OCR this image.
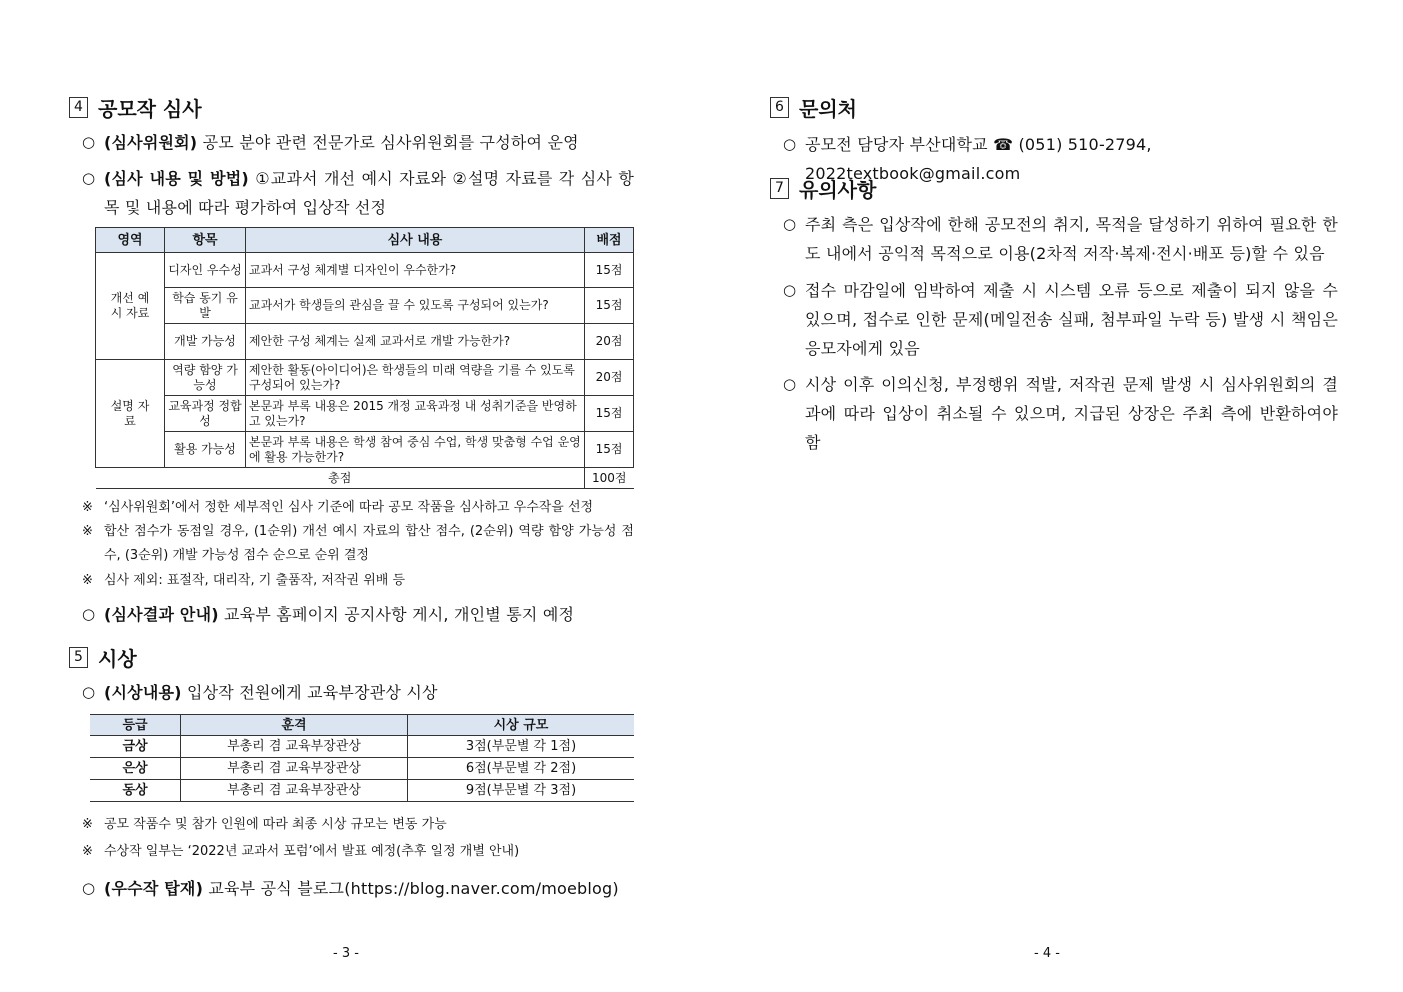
4 공모작 심사
○ (심사위원회) 공모 분야 관련 전문가로 심사위원회를 구성하여 운영
○ (심사 내용 및 방법) ①교과서 개선 예시 자료와 ②설명 자료를 각 심사 항목 및 내용에 따라 평가하여 입상작 선정
영역	항목	심사 내용	배점
개선 예시 자료	디자인 우수성	교과서 구성 체계별 디자인이 우수한가?	15점
	학습 동기 유발	교과서가 학생들의 관심을 끌 수 있도록 구성되어 있는가?	15점
	개발 가능성	제안한 구성 체계는 실제 교과서로 개발 가능한가?	20점
설명 자료	역량 함양 가능성	제안한 활동(아이디어)은 학생들의 미래 역량을 기를 수 있도록 구성되어 있는가?	20점
	교육과정 정합성	본문과 부록 내용은 2015 개정 교육과정 내 성취기준을 반영하고 있는가?	15점
	활용 가능성	본문과 부록 내용은 학생 참여 중심 수업, 학생 맞춤형 수업 운영에 활용 가능한가?	15점
총점			100점
※ ‘심사위원회’에서 정한 세부적인 심사 기준에 따라 공모 작품을 심사하고 우수작을 선정
※ 합산 점수가 동점일 경우, (1순위) 개선 예시 자료의 합산 점수, (2순위) 역량 함양 가능성 점수, (3순위) 개발 가능성 점수 순으로 순위 결정
※ 심사 제외: 표절작, 대리작, 기 출품작, 저작권 위배 등
○ (심사결과 안내) 교육부 홈페이지 공지사항 게시, 개인별 통지 예정
5 시상
○ (시상내용) 입상작 전원에게 교육부장관상 시상
등급	훈격	시상 규모
금상	부총리 겸 교육부장관상	3점(부문별 각 1점)
은상	부총리 겸 교육부장관상	6점(부문별 각 2점)
동상	부총리 겸 교육부장관상	9점(부문별 각 3점)
※ 공모 작품수 및 참가 인원에 따라 최종 시상 규모는 변동 가능
※ 수상작 일부는 ‘2022년 교과서 포럼’에서 발표 예정(추후 일정 개별 안내)
○ (우수작 탑재) 교육부 공식 블로그(https://blog.naver.com/moeblog)
- 3 -
6 문의처
○ 공모전 담당자 부산대학교 ☎ (051) 510-2794, 2022textbook@gmail.com
7 유의사항
○ 주최 측은 입상작에 한해 공모전의 취지, 목적을 달성하기 위하여 필요한 한도 내에서 공익적 목적으로 이용(2차적 저작·복제·전시·배포 등)할 수 있음
○ 접수 마감일에 임박하여 제출 시 시스템 오류 등으로 제출이 되지 않을 수 있으며, 접수로 인한 문제(메일전송 실패, 첨부파일 누락 등) 발생 시 책임은 응모자에게 있음
○ 시상 이후 이의신청, 부정행위 적발, 저작권 문제 발생 시 심사위원회의 결과에 따라 입상이 취소될 수 있으며, 지급된 상장은 주최 측에 반환하여야 함
- 4 -
